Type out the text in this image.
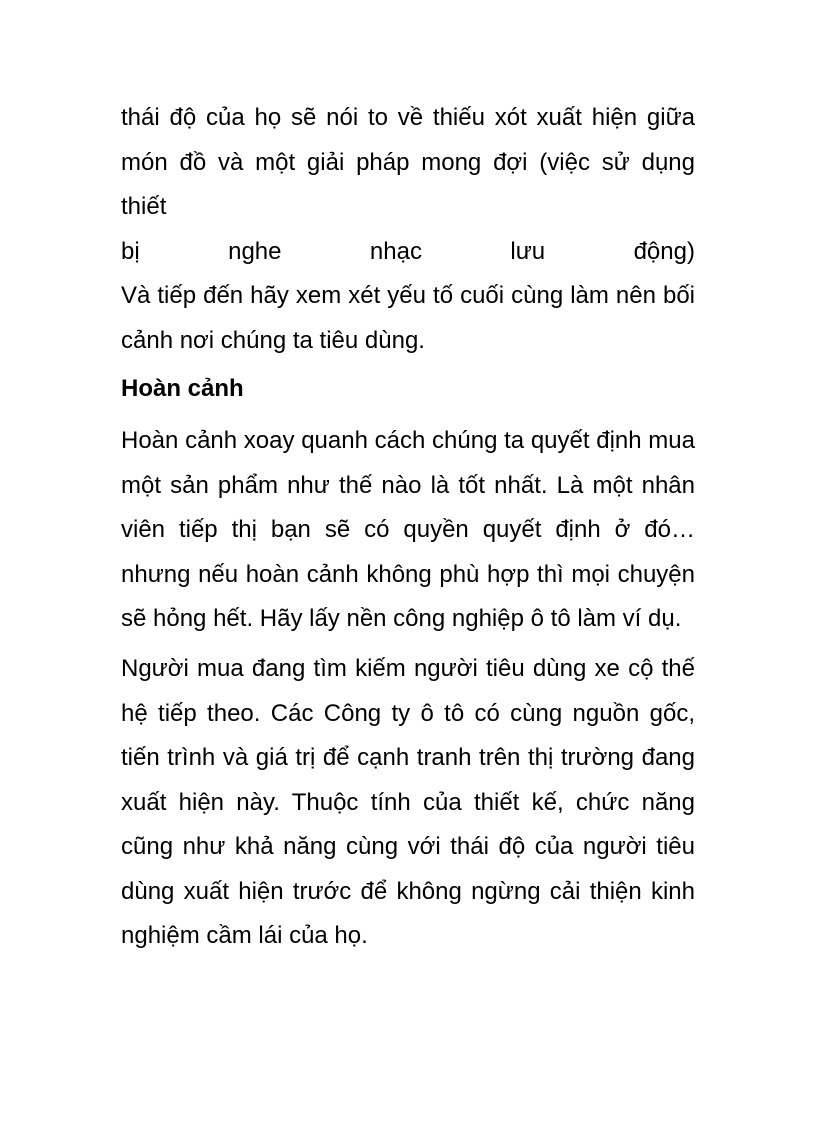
thái độ của họ sẽ nói to về thiếu xót xuất hiện giữa món đồ và một giải pháp mong đợi (việc sử dụng thiết

bị	nghe	nhạc	lưu	động)

Và tiếp đến hãy xem xét yếu tố cuối cùng làm nên bối cảnh nơi chúng ta tiêu dùng.

Hoàn cảnh

Hoàn cảnh xoay quanh cách chúng ta quyết định mua một sản phẩm như thế nào là tốt nhất. Là một nhân viên tiếp thị bạn sẽ có quyền quyết định ở đó… nhưng nếu hoàn cảnh không phù hợp thì mọi chuyện sẽ hỏng hết. Hãy lấy nền công nghiệp ô tô làm ví dụ.

Người mua đang tìm kiếm người tiêu dùng xe cộ thế hệ tiếp theo. Các Công ty ô tô có cùng nguồn gốc, tiến trình và giá trị để cạnh tranh trên thị trường đang xuất hiện này. Thuộc tính của thiết kế, chức năng cũng như khả năng cùng với thái độ của người tiêu dùng xuất hiện trước để không ngừng cải thiện kinh nghiệm cầm lái của họ.
